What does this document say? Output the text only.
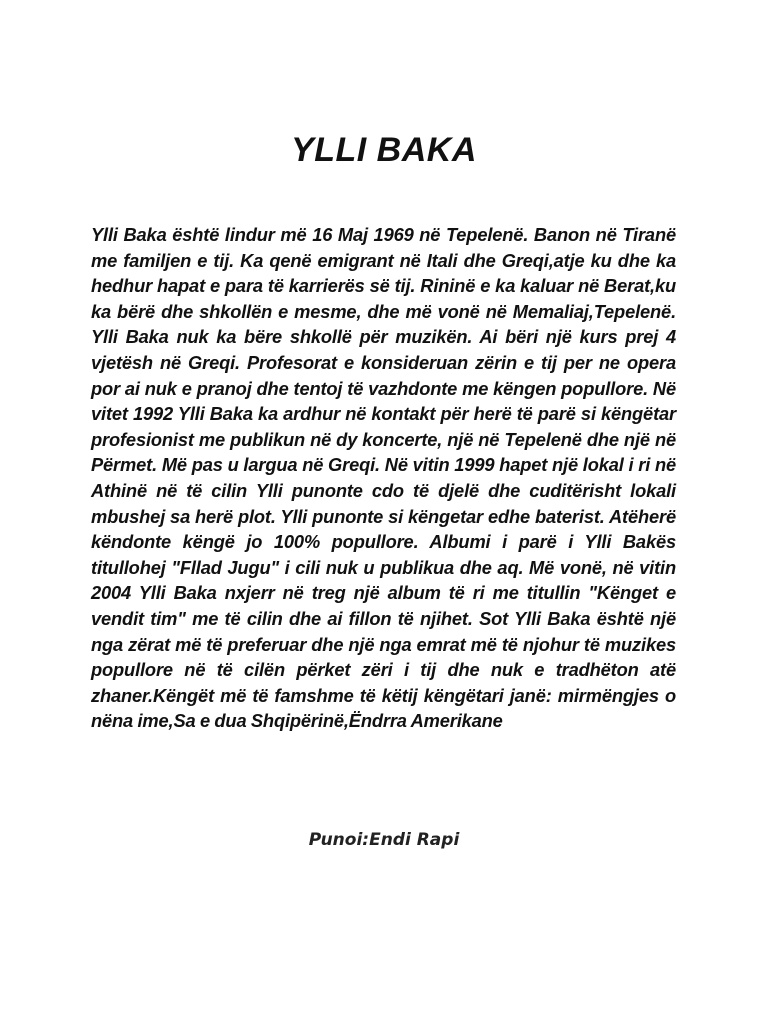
YLLI BAKA

Ylli Baka është lindur më 16 Maj 1969 në Tepelenë. Banon në Tiranë me familjen e tij. Ka qenë emigrant në Itali dhe Greqi,atje ku dhe ka hedhur hapat e para të karrierës së tij. Rininë e ka kaluar në Berat,ku ka bërë dhe shkollën e mesme, dhe më vonë në Memaliaj,Tepelenë. Ylli Baka nuk ka bëre shkollë për muzikën. Ai bëri një kurs prej 4 vjetësh në Greqi. Profesorat e konsideruan zërin e tij per ne opera por ai nuk e pranoj dhe tentoj të vazhdonte me këngen popullore. Në vitet 1992 Ylli Baka ka ardhur në kontakt për herë të parë si këngëtar profesionist me publikun në dy koncerte, një në Tepelenë dhe një në Përmet. Më pas u largua në Greqi. Në vitin 1999 hapet një lokal i ri në Athinë në të cilin Ylli punonte cdo të djelë dhe cuditërisht lokali mbushej sa herë plot. Ylli punonte si këngetar edhe baterist. Atëherë këndonte këngë jo 100% popullore. Albumi i parë i Ylli Bakës titullohej "Fllad Jugu" i cili nuk u publikua dhe aq. Më vonë, në vitin 2004 Ylli Baka nxjerr në treg një album të ri me titullin "Kënget e vendit tim" me të cilin dhe ai fillon të njihet. Sot Ylli Baka është një nga zërat më të preferuar dhe një nga emrat më të njohur të muzikes popullore në të cilën përket zëri i tij dhe nuk e tradhëton atë zhaner.Këngët më të famshme të këtij këngëtari janë: mirmëngjes o nëna ime,Sa e dua Shqipërinë,Ëndrra Amerikane

Punoi:Endi Rapi
